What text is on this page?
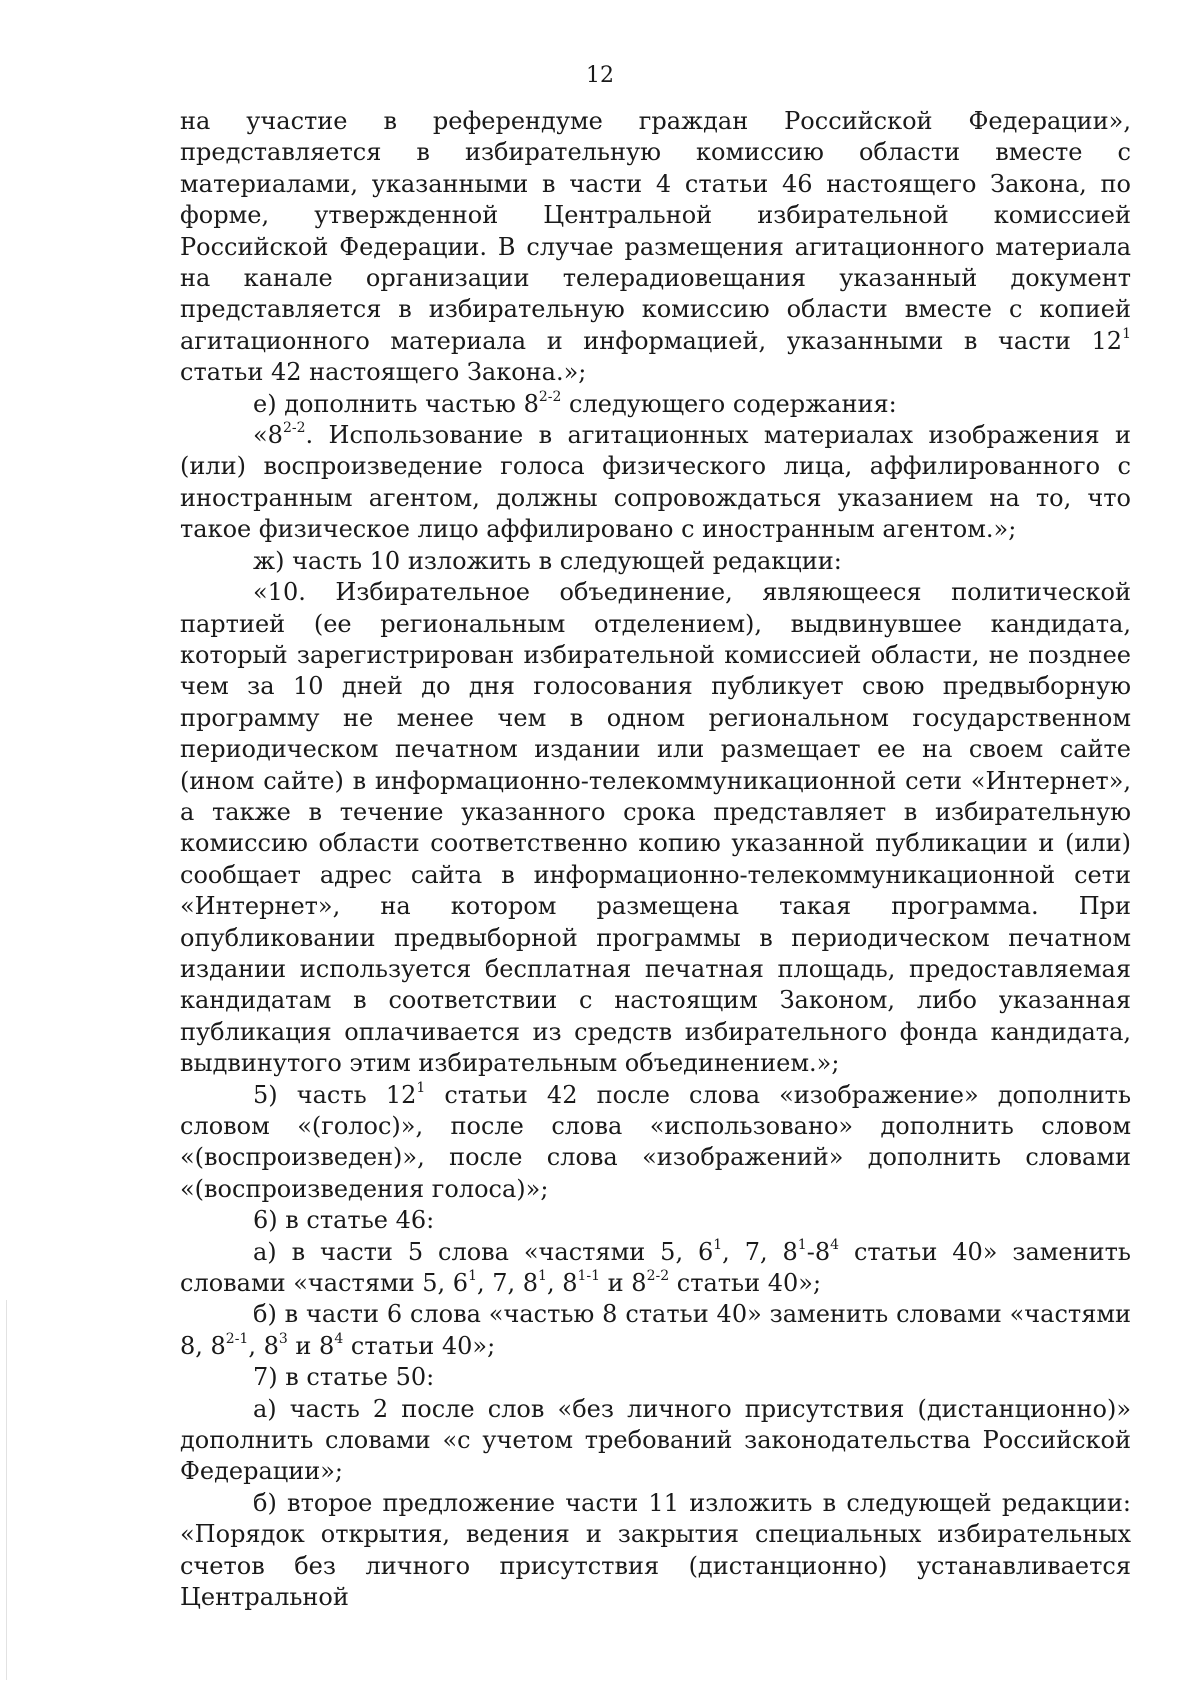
12

на участие в референдуме граждан Российской Федерации», представляется в избирательную комиссию области вместе с материалами, указанными в части 4 статьи 46 настоящего Закона, по форме, утвержденной Центральной избирательной комиссией Российской Федерации. В случае размещения агитационного материала на канале организации телерадиовещания указанный документ представляется в избирательную комиссию области вместе с копией агитационного материала и информацией, указанными в части $12^1$ статьи 42 настоящего Закона.»;

е) дополнить частью 8$^{2-2}$ следующего содержания:

«8$^{2-2}$. Использование в агитационных материалах изображения и (или) воспроизведение голоса физического лица, аффилированного с иностранным агентом, должны сопровождаться указанием на то, что такое физическое лицо аффилировано с иностранным агентом.»;

ж) часть 10 изложить в следующей редакции:

«10. Избирательное объединение, являющееся политической партией (ее региональным отделением), выдвинувшее кандидата, который зарегистрирован избирательной комиссией области, не позднее чем за 10 дней до дня голосования публикует свою предвыборную программу не менее чем в одном региональном государственном периодическом печатном издании или размещает ее на своем сайте (ином сайте) в информационно-телекоммуникационной сети «Интернет», а также в течение указанного срока представляет в избирательную комиссию области соответственно копию указанной публикации и (или) сообщает адрес сайта в информационно-телекоммуникационной сети «Интернет», на котором размещена такая программа. При опубликовании предвыборной программы в периодическом печатном издании используется бесплатная печатная площадь, предоставляемая кандидатам в соответствии с настоящим Законом, либо указанная публикация оплачивается из средств избирательного фонда кандидата, выдвинутого этим избирательным объединением.»;

5) часть $12^1$ статьи 42 после слова «изображение» дополнить словом «(голос)», после слова «использовано» дополнить словом «(воспроизведен)», после слова «изображений» дополнить словами «(воспроизведения голоса)»;

6) в статье 46:

а) в части 5 слова «частями 5, $6^1$, 7, $8^1-8^4$ статьи 40» заменить словами «частями 5, $6^1$, 7, $8^1$, 8$^{1-1}$ и 8$^{2-2}$ статьи 40»;

б) в части 6 слова «частью 8 статьи 40» заменить словами «частями 8, 8$^{2-1}$, $8^3$ и $8^4$ статьи 40»;

7) в статье 50:

а) часть 2 после слов «без личного присутствия (дистанционно)» дополнить словами «с учетом требований законодательства Российской Федерации»;

б) второе предложение части 11 изложить в следующей редакции: «Порядок открытия, ведения и закрытия специальных избирательных счетов без личного присутствия (дистанционно) устанавливается Центральной
